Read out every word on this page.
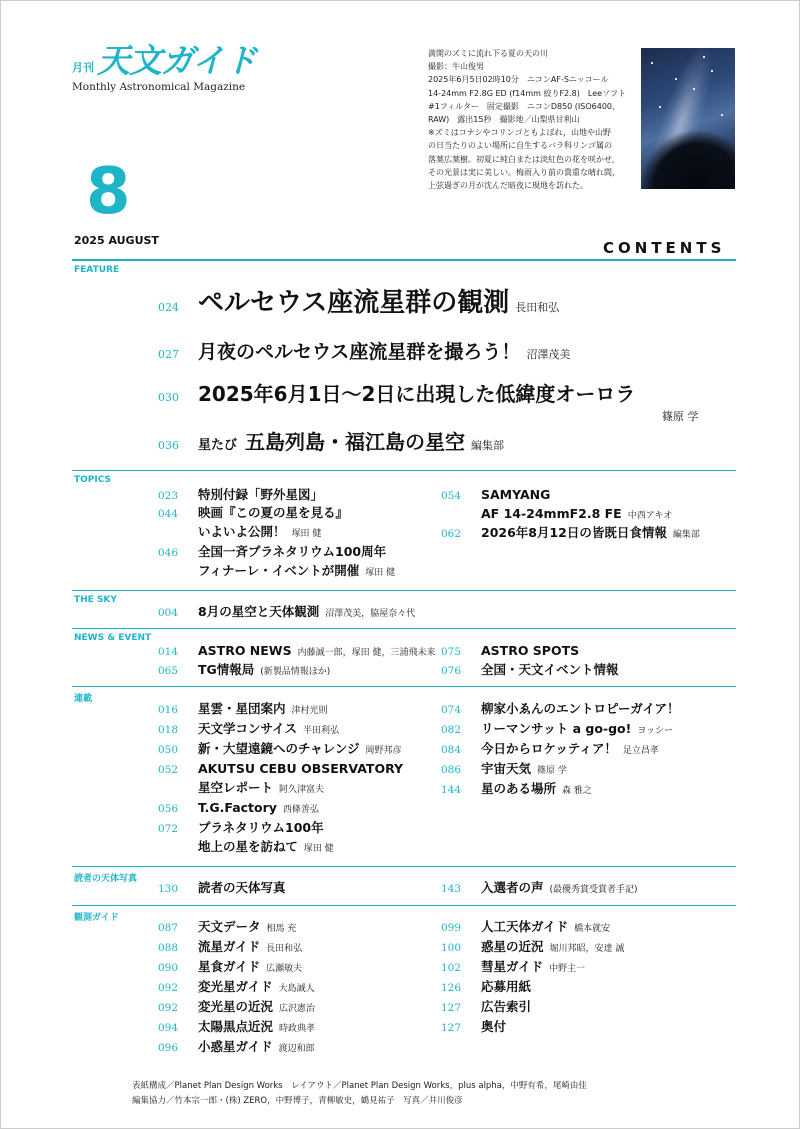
月刊 天文ガイド
Monthly Astronomical Magazine
8
2025 AUGUST

満開のズミに流れ下る夏の天の川

撮影：牛山俊男

2025年6月5日02時10分　ニコンAF-Sニッコール

14-24mm F2.8G ED (f14mm 絞りF2.8)　Leeソフト

#1フィルター　固定撮影　ニコンD850 (ISO6400,

RAW)　露出15秒　撮影地／山梨県甘利山

※ズミはコナシやコリンゴともよばれ，山地や山野

の日当たりのよい場所に自生するバラ科リンゴ属の

落葉広葉樹。初夏に純白または淡紅色の花を咲かせ，

その光景は実に美しい。梅雨入り前の貴重な晴れ間，

上弦過ぎの月が沈んだ暗夜に現地を訪れた。

CONTENTS
FEATURE
024 ペルセウス座流星群の観測 長田和弘
027 月夜のペルセウス座流星群を撮ろう！ 沼澤茂美
030 2025年6月1日〜2日に出現した低緯度オーロラ
篠原 学
036 星たび 五島列島・福江島の星空 編集部
TOPICS
023 特別付録「野外星図」
044 映画『この夏の星を見る』
いよいよ公開！ 塚田 健
046 全国一斉プラネタリウム100周年
フィナーレ・イベントが開催 塚田 健
054 SAMYANG
AF 14-24mmF2.8 FE 中西アキオ
062 2026年8月12日の皆既日食情報 編集部
THE SKY
004 8月の星空と天体観測 沼澤茂美，脇屋奈々代
NEWS & EVENT
014 ASTRO NEWS 内藤誠一郎，塚田 健，三浦飛未来
065 TG情報局 (新製品情報ほか)
075 ASTRO SPOTS
076 全国・天文イベント情報
連載
016 星雲・星団案内 津村光則
018 天文学コンサイス 半田利弘
050 新・大望遠鏡へのチャレンジ 岡野邦彦
052 AKUTSU CEBU OBSERVATORY
星空レポート 阿久津富夫
056 T.G.Factory 西條善弘
072 プラネタリウム100年
地上の星を訪ねて 塚田 健
074 柳家小ゑんのエントロピーガイア！
082 リーマンサット a go-go! ヨッシー
084 今日からロケッティア！ 足立昌孝
086 宇宙天気 篠原 学
144 星のある場所 森 雅之
読者の天体写真
130 読者の天体写真	143 入選者の声 (最優秀賞受賞者手記)
観測ガイド
087 天文データ 相馬 充
088 流星ガイド 長田和弘
090 星食ガイド 広瀬敏夫
092 変光星ガイド 大島誠人
092 変光星の近況 広沢憲治
094 太陽黒点近況 時政典孝
096 小惑星ガイド 渡辺和郎
099 人工天体ガイド 橋本就安
100 惑星の近況 堀川邦昭，安達 誠
102 彗星ガイド 中野主一
126 応募用紙
127 広告索引
127 奥付
表紙構成／Planet Plan Design Works　レイアウト／Planet Plan Design Works，plus alpha，中野有希，尾崎由佳
編集協力／竹本宗一郎・(株) ZERO，中野博子，青柳敏史，鶴見祐子　写真／井川俊彦
